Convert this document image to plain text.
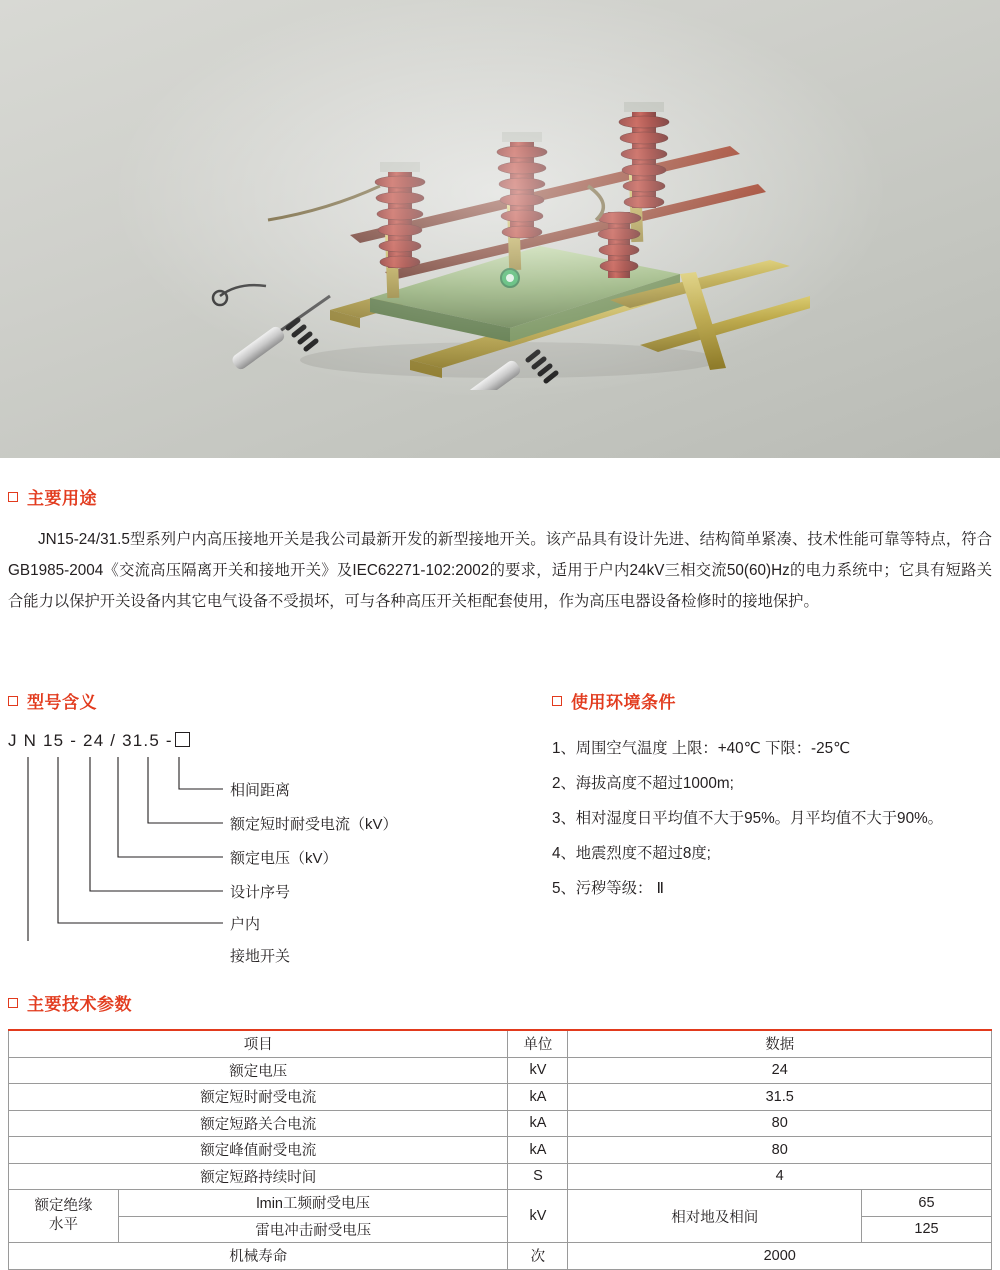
主要用途

JN15-24/31.5型系列户内高压接地开关是我公司最新开发的新型接地开关。该产品具有设计先进、结构简单紧凑、技术性能可靠等特点，符合GB1985-2004《交流高压隔离开关和接地开关》及IEC62271-102:2002的要求，适用于户内24kV三相交流50(60)Hz的电力系统中；它具有短路关合能力以保护开关设备内其它电气设备不受损坏，可与各种高压开关柜配套使用，作为高压电器设备检修时的接地保护。

型号含义
J N 15 - 24 / 31.5 -
相间距离
额定短时耐受电流（kV）
额定电压（kV）
设计序号
户内
接地开关
使用环境条件
1、周围空气温度 上限：+40℃ 下限：-25℃
2、海拔高度不超过1000m;
3、相对湿度日平均值不大于95%。月平均值不大于90%。
4、地震烈度不超过8度;
5、污秽等级： Ⅱ
主要技术参数
项目		单位	数据	
额定电压		kV	24	
额定短时耐受电流		kA	31.5	
额定短路关合电流		kA	80	
额定峰值耐受电流		kA	80	
额定短路持续时间		S	4	

额定绝缘
水平	lmin工频耐受电压	kV	相对地及相间	65
	雷电冲击耐受电压			125
机械寿命		次	2000	
